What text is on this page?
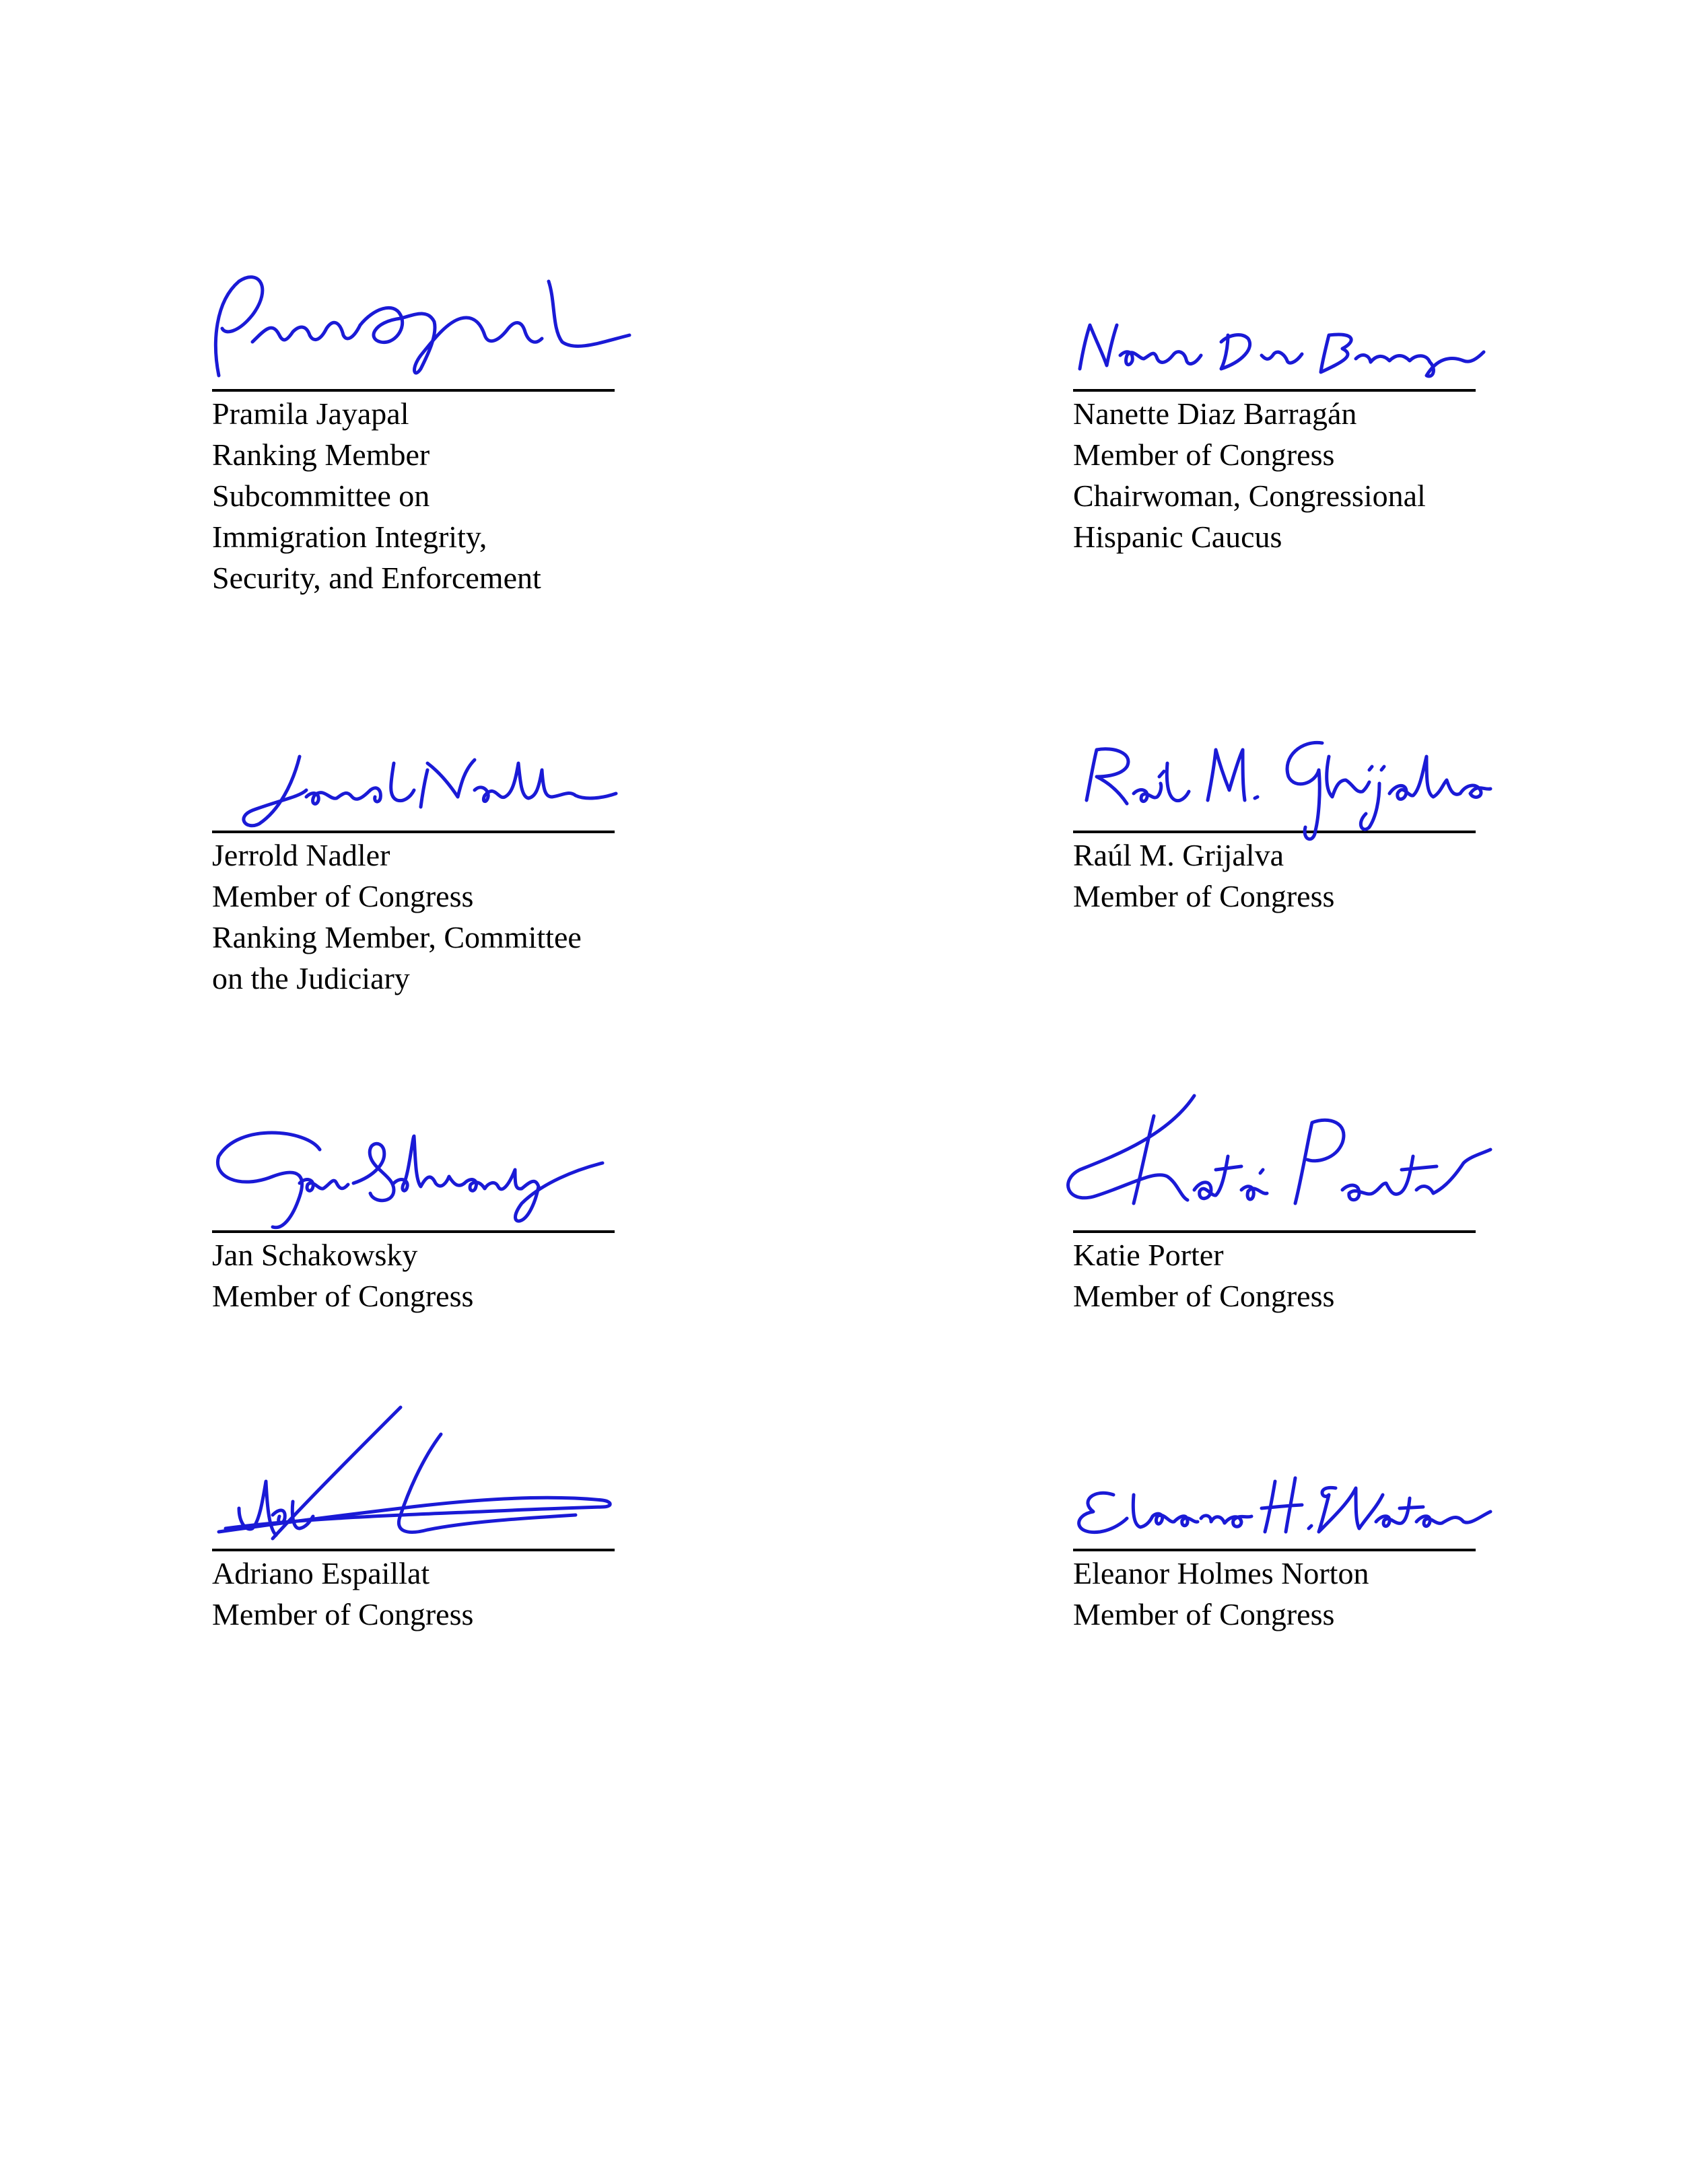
Pramila Jayapal
Ranking Member
Subcommittee on
Immigration Integrity,
Security, and Enforcement
Nanette Diaz Barragán
Member of Congress
Chairwoman, Congressional
Hispanic Caucus
Jerrold Nadler
Member of Congress
Ranking Member, Committee
on the Judiciary
Raúl M. Grijalva
Member of Congress
Jan Schakowsky
Member of Congress
Katie Porter
Member of Congress
Adriano Espaillat
Member of Congress
Eleanor Holmes Norton
Member of Congress
